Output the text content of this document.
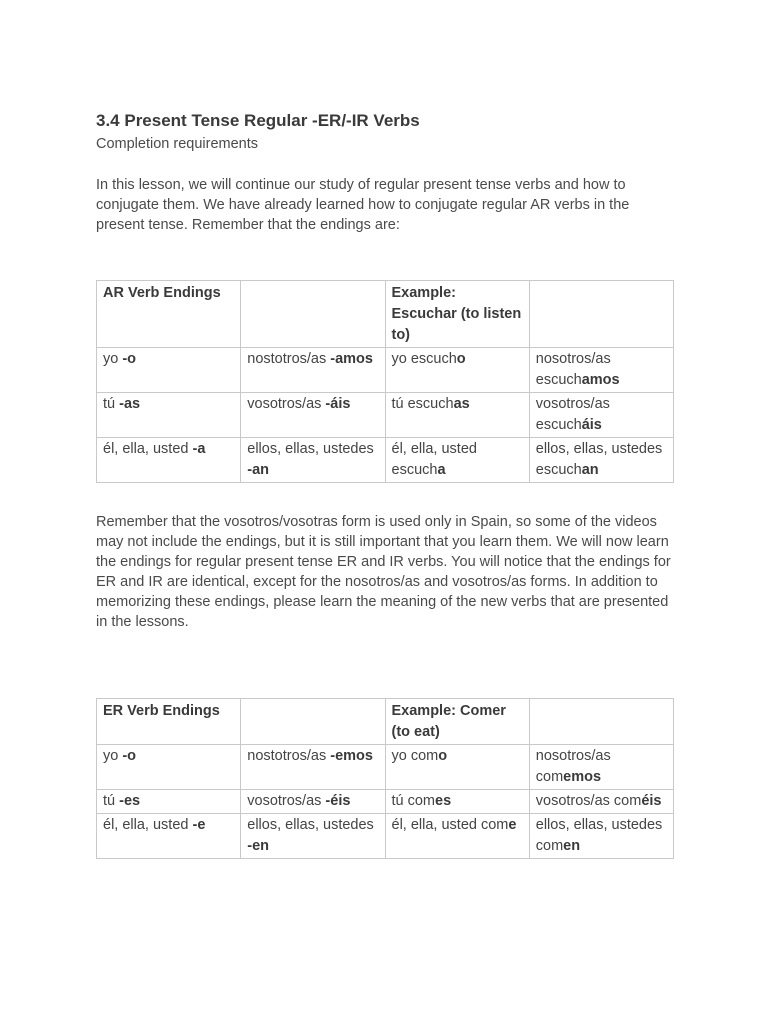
3.4 Present Tense Regular -ER/-IR Verbs
Completion requirements

In this lesson, we will continue our study of regular present tense verbs and how to conjugate them. We have already learned how to conjugate regular AR verbs in the present tense. Remember that the endings are:

AR Verb Endings		Example: Escuchar (to listen to)	
yo -o	nostotros/as -amos	yo escucho	nosotros/as escuchamos
tú -as	vosotros/as -áis	tú escuchas	vosotros/as escucháis
él, ella, usted -a	ellos, ellas, ustedes -an	él, ella, usted escucha	ellos, ellas, ustedes escuchan

Remember that the vosotros/vosotras form is used only in Spain, so some of the videos may not include the endings, but it is still important that you learn them. We will now learn the endings for regular present tense ER and IR verbs. You will notice that the endings for ER and IR are identical, except for the nosotros/as and vosotros/as forms. In addition to memorizing these endings, please learn the meaning of the new verbs that are presented in the lessons.

ER Verb Endings		Example: Comer (to eat)	
yo -o	nostotros/as -emos	yo como	nosotros/as comemos
tú -es	vosotros/as -éis	tú comes	vosotros/as coméis
él, ella, usted -e	ellos, ellas, ustedes -en	él, ella, usted come	ellos, ellas, ustedes comen
